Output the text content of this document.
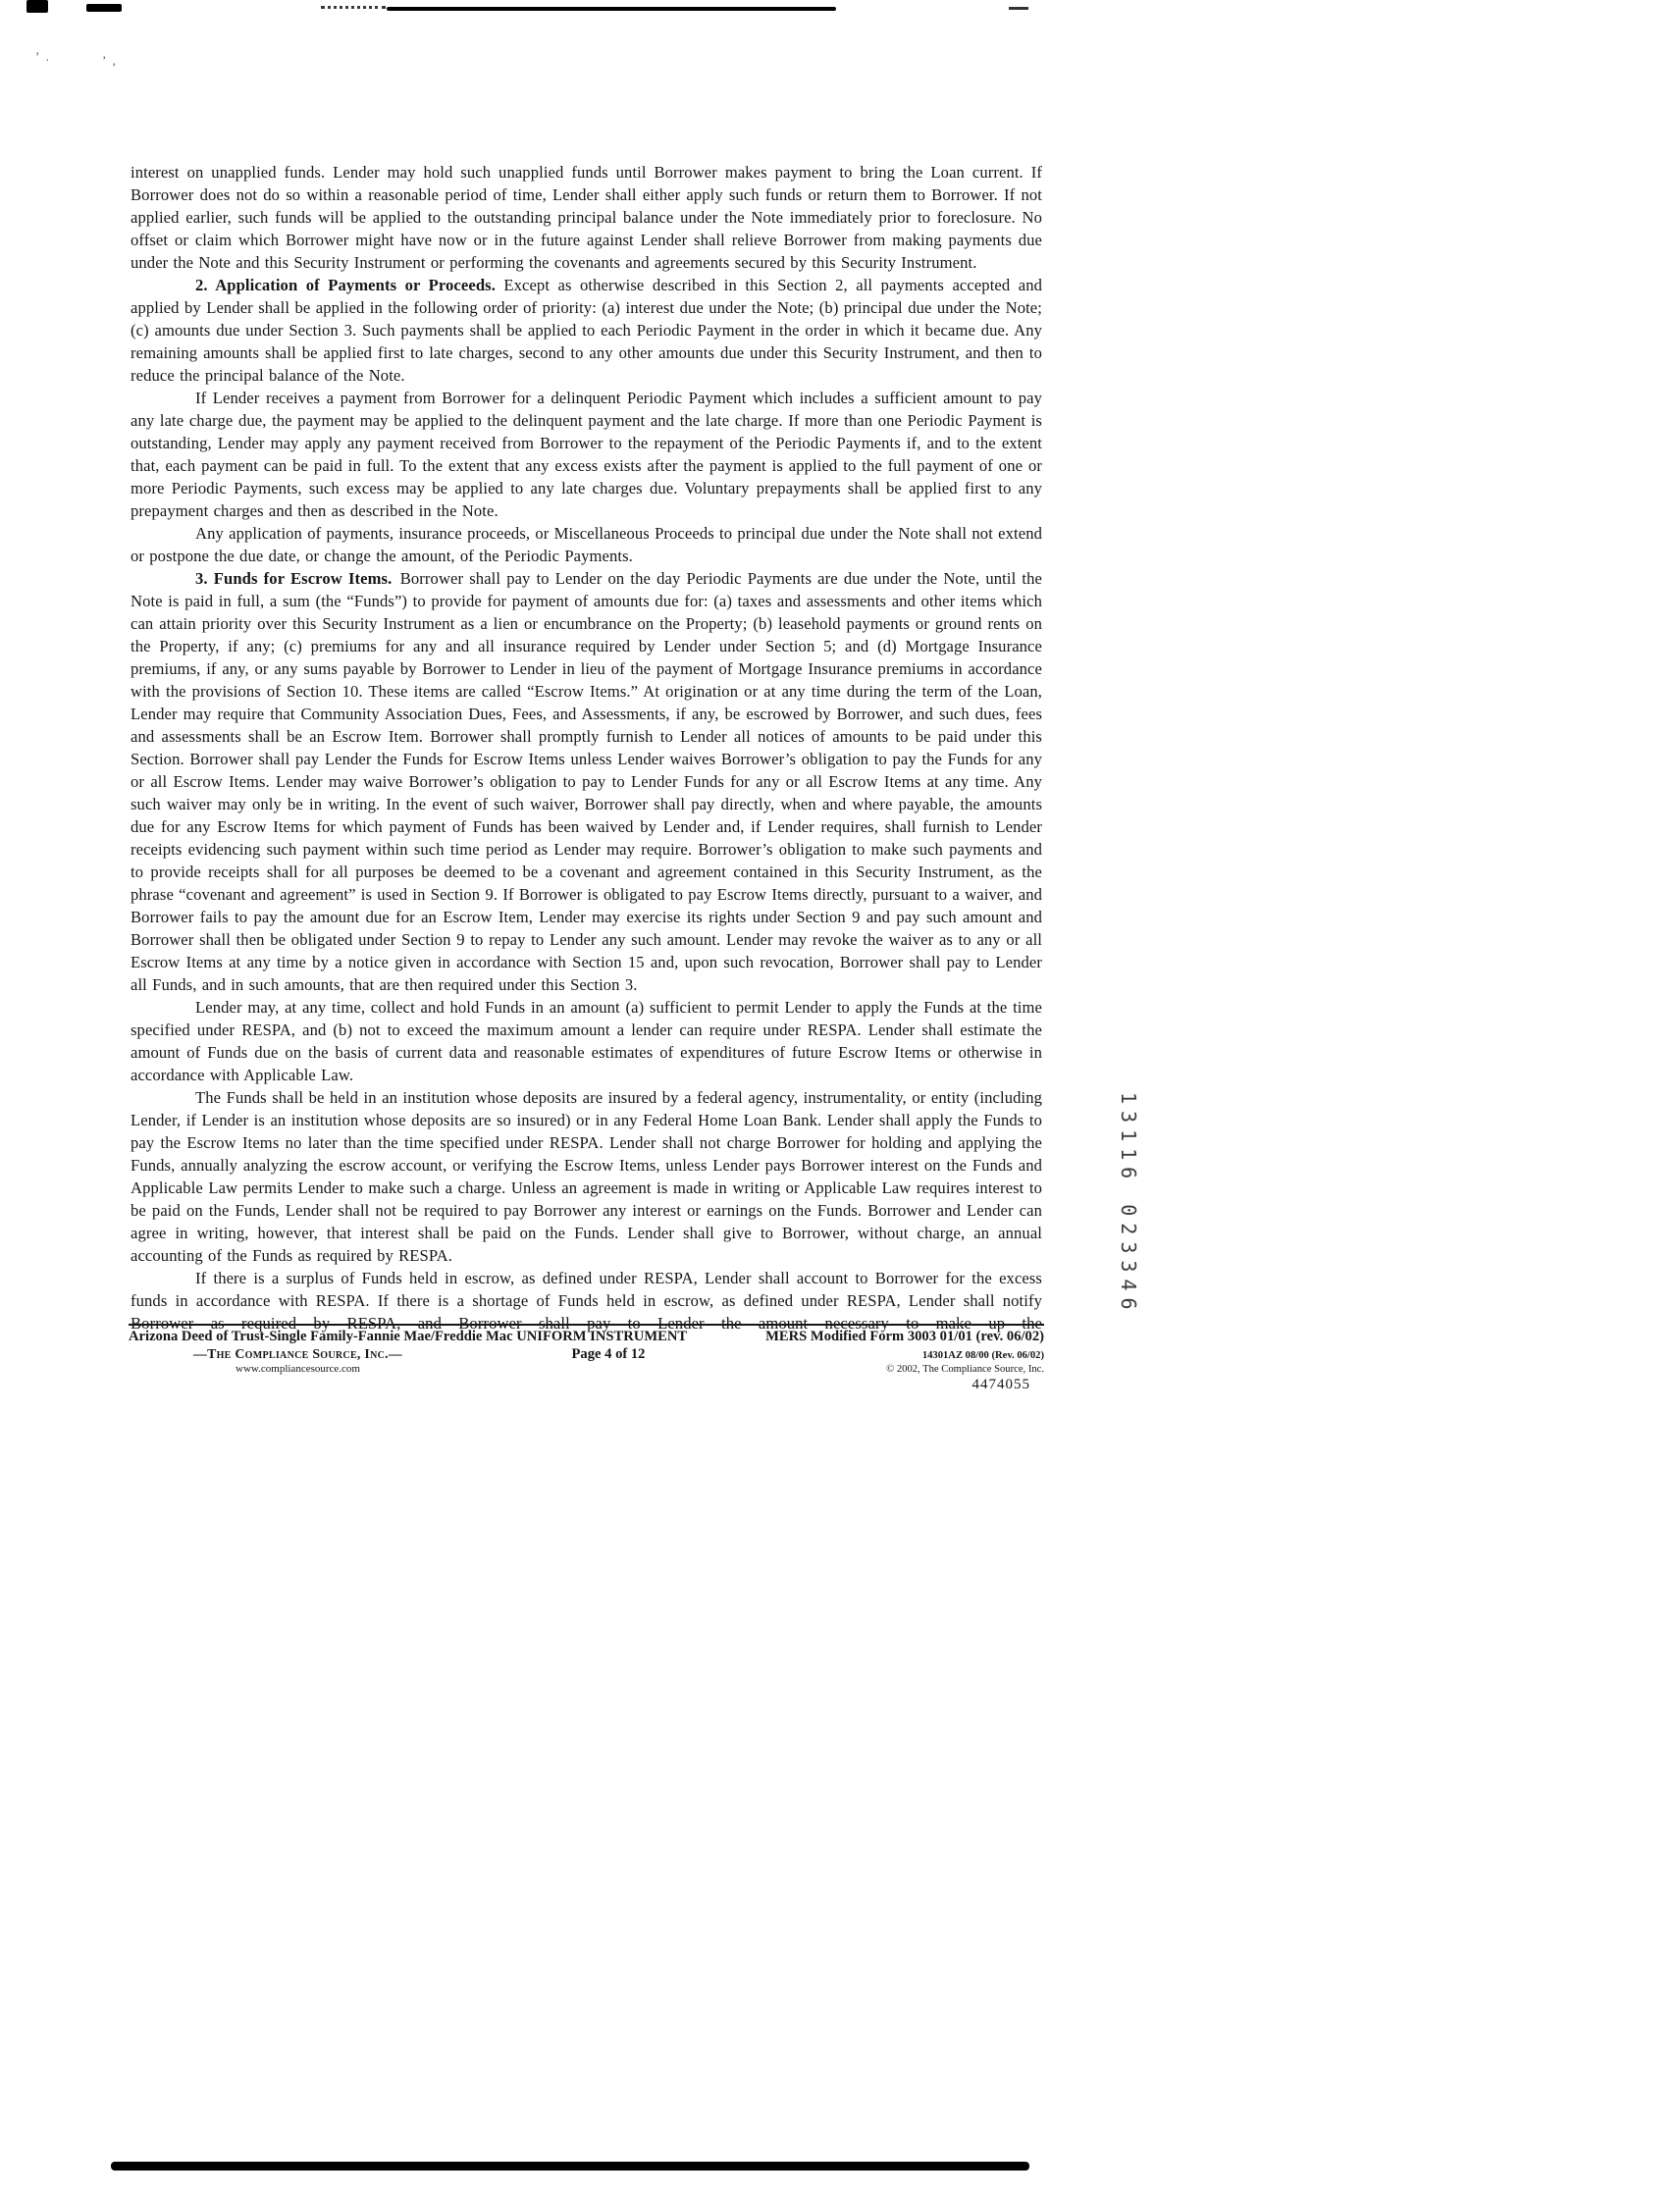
’ .	’ ,

interest on unapplied funds. Lender may hold such unapplied funds until Borrower makes payment to bring the Loan current. If Borrower does not do so within a reasonable period of time, Lender shall either apply such funds or return them to Borrower. If not applied earlier, such funds will be applied to the outstanding principal balance under the Note immediately prior to foreclosure. No offset or claim which Borrower might have now or in the future against Lender shall relieve Borrower from making payments due under the Note and this Security Instrument or performing the covenants and agreements secured by this Security Instrument.

2. Application of Payments or Proceeds. Except as otherwise described in this Section 2, all payments accepted and applied by Lender shall be applied in the following order of priority: (a) interest due under the Note; (b) principal due under the Note; (c) amounts due under Section 3. Such payments shall be applied to each Periodic Payment in the order in which it became due. Any remaining amounts shall be applied first to late charges, second to any other amounts due under this Security Instrument, and then to reduce the principal balance of the Note.

If Lender receives a payment from Borrower for a delinquent Periodic Payment which includes a sufficient amount to pay any late charge due, the payment may be applied to the delinquent payment and the late charge. If more than one Periodic Payment is outstanding, Lender may apply any payment received from Borrower to the repayment of the Periodic Payments if, and to the extent that, each payment can be paid in full. To the extent that any excess exists after the payment is applied to the full payment of one or more Periodic Payments, such excess may be applied to any late charges due. Voluntary prepayments shall be applied first to any prepayment charges and then as described in the Note.

Any application of payments, insurance proceeds, or Miscellaneous Proceeds to principal due under the Note shall not extend or postpone the due date, or change the amount, of the Periodic Payments.

3. Funds for Escrow Items. Borrower shall pay to Lender on the day Periodic Payments are due under the Note, until the Note is paid in full, a sum (the “Funds”) to provide for payment of amounts due for: (a) taxes and assessments and other items which can attain priority over this Security Instrument as a lien or encumbrance on the Property; (b) leasehold payments or ground rents on the Property, if any; (c) premiums for any and all insurance required by Lender under Section 5; and (d) Mortgage Insurance premiums, if any, or any sums payable by Borrower to Lender in lieu of the payment of Mortgage Insurance premiums in accordance with the provisions of Section 10. These items are called “Escrow Items.” At origination or at any time during the term of the Loan, Lender may require that Community Association Dues, Fees, and Assessments, if any, be escrowed by Borrower, and such dues, fees and assessments shall be an Escrow Item. Borrower shall promptly furnish to Lender all notices of amounts to be paid under this Section. Borrower shall pay Lender the Funds for Escrow Items unless Lender waives Borrower’s obligation to pay the Funds for any or all Escrow Items. Lender may waive Borrower’s obligation to pay to Lender Funds for any or all Escrow Items at any time. Any such waiver may only be in writing. In the event of such waiver, Borrower shall pay directly, when and where payable, the amounts due for any Escrow Items for which payment of Funds has been waived by Lender and, if Lender requires, shall furnish to Lender receipts evidencing such payment within such time period as Lender may require. Borrower’s obligation to make such payments and to provide receipts shall for all purposes be deemed to be a covenant and agreement contained in this Security Instrument, as the phrase “covenant and agreement” is used in Section 9. If Borrower is obligated to pay Escrow Items directly, pursuant to a waiver, and Borrower fails to pay the amount due for an Escrow Item, Lender may exercise its rights under Section 9 and pay such amount and Borrower shall then be obligated under Section 9 to repay to Lender any such amount. Lender may revoke the waiver as to any or all Escrow Items at any time by a notice given in accordance with Section 15 and, upon such revocation, Borrower shall pay to Lender all Funds, and in such amounts, that are then required under this Section 3.

Lender may, at any time, collect and hold Funds in an amount (a) sufficient to permit Lender to apply the Funds at the time specified under RESPA, and (b) not to exceed the maximum amount a lender can require under RESPA. Lender shall estimate the amount of Funds due on the basis of current data and reasonable estimates of expenditures of future Escrow Items or otherwise in accordance with Applicable Law.

The Funds shall be held in an institution whose deposits are insured by a federal agency, instrumentality, or entity (including Lender, if Lender is an institution whose deposits are so insured) or in any Federal Home Loan Bank. Lender shall apply the Funds to pay the Escrow Items no later than the time specified under RESPA. Lender shall not charge Borrower for holding and applying the Funds, annually analyzing the escrow account, or verifying the Escrow Items, unless Lender pays Borrower interest on the Funds and Applicable Law permits Lender to make such a charge. Unless an agreement is made in writing or Applicable Law requires interest to be paid on the Funds, Lender shall not be required to pay Borrower any interest or earnings on the Funds. Borrower and Lender can agree in writing, however, that interest shall be paid on the Funds. Lender shall give to Borrower, without charge, an annual accounting of the Funds as required by RESPA.

If there is a surplus of Funds held in escrow, as defined under RESPA, Lender shall account to Borrower for the excess funds in accordance with RESPA. If there is a shortage of Funds held in escrow, as defined under RESPA, Lender shall notify Borrower as required by RESPA, and Borrower shall pay to Lender the amount necessary to make up the

13116 023346
Arizona Deed of Trust-Single Family-Fannie Mae/Freddie Mac UNIFORM INSTRUMENT	MERS Modified Form 3003 01/01 (rev. 06/02)
—The Compliance Source, Inc.—	Page 4 of 12	14301AZ 08/00 (Rev. 06/02)
www.compliancesource.com	© 2002, The Compliance Source, Inc.
4474055
